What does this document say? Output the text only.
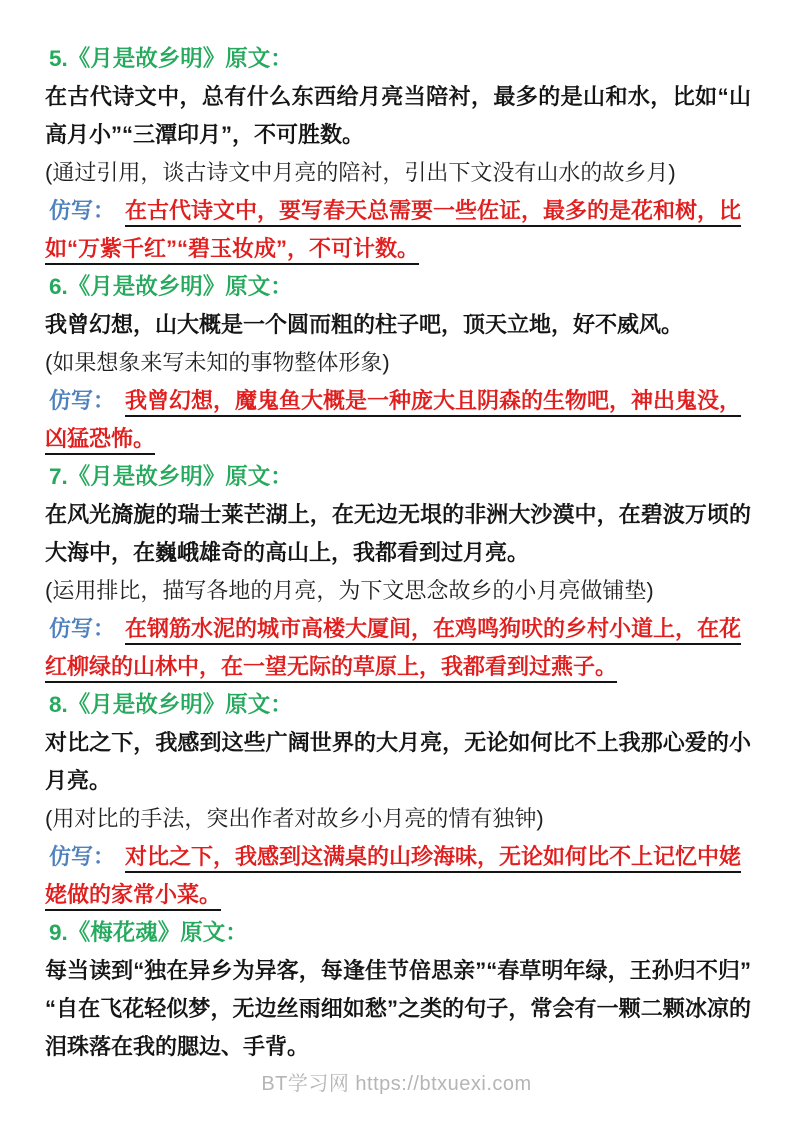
5.《月是故乡明》原文：

在古代诗文中，总有什么东西给月亮当陪衬，最多的是山和水，比如“山高月小”“三潭印月”，不可胜数。

(通过引用，谈古诗文中月亮的陪衬，引出下文没有山水的故乡月)

仿写： 在古代诗文中，要写春天总需要一些佐证，最多的是花和树，比如“万紫千红”“碧玉妆成”，不可计数。

6.《月是故乡明》原文：

我曾幻想，山大概是一个圆而粗的柱子吧，顶天立地，好不威风。

(如果想象来写未知的事物整体形象)

仿写： 我曾幻想，魔鬼鱼大概是一种庞大且阴森的生物吧，神出鬼没，凶猛恐怖。

7.《月是故乡明》原文：

在风光旖旎的瑞士莱芒湖上，在无边无垠的非洲大沙漠中，在碧波万顷的大海中，在巍峨雄奇的高山上，我都看到过月亮。

(运用排比，描写各地的月亮，为下文思念故乡的小月亮做铺垫)

仿写： 在钢筋水泥的城市高楼大厦间，在鸡鸣狗吠的乡村小道上，在花红柳绿的山林中，在一望无际的草原上，我都看到过燕子。

8.《月是故乡明》原文：

对比之下，我感到这些广阔世界的大月亮，无论如何比不上我那心爱的小月亮。

(用对比的手法，突出作者对故乡小月亮的情有独钟)

仿写： 对比之下，我感到这满桌的山珍海味，无论如何比不上记忆中姥姥做的家常小菜。

9.《梅花魂》原文：

每当读到“独在异乡为异客，每逢佳节倍思亲”“春草明年绿，王孙归不归”“自在飞花轻似梦，无边丝雨细如愁”之类的句子，常会有一颗二颗冰凉的泪珠落在我的腮边、手背。

BT学习网 https://btxuexi.com
